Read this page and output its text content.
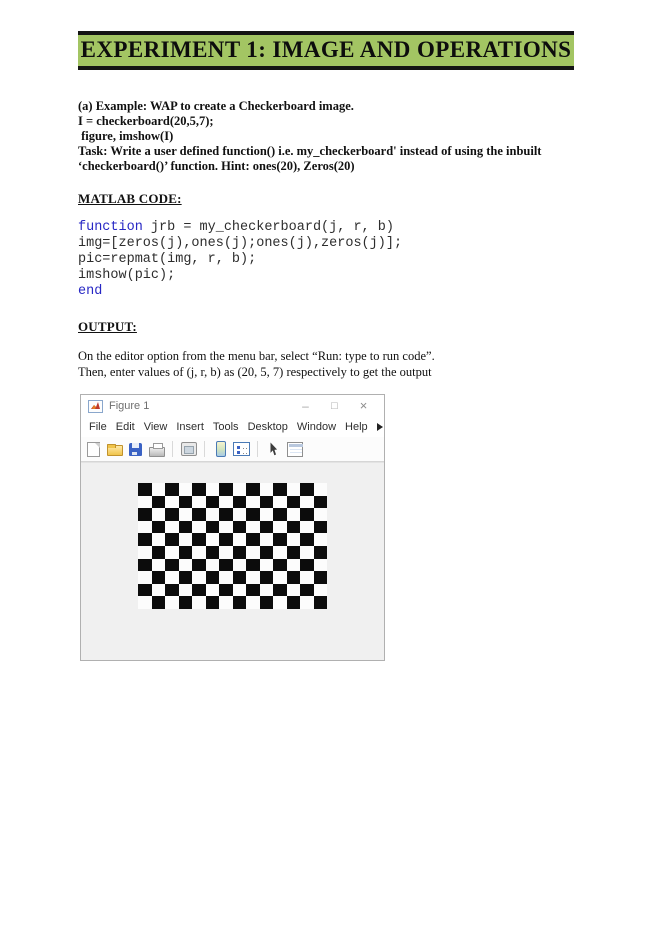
EXPERIMENT 1: IMAGE AND OPERATIONS
(a) Example: WAP to create a Checkerboard image.
I = checkerboard(20,5,7);
figure, imshow(I)
Task: Write a user defined function() i.e. my_checkerboard' instead of using the inbuilt
‘checkerboard()’ function. Hint: ones(20), Zeros(20)
MATLAB CODE:
function jrb = my_checkerboard(j, r, b)
img=[zeros(j),ones(j);ones(j),zeros(j)];
pic=repmat(img, r, b);
imshow(pic);
end
OUTPUT:
On the editor option from the menu bar, select “Run: type to run code”.
Then, enter values of (j, r, b) as (20, 5, 7) respectively to get the output
Figure 1	–	□	×
File Edit View Insert Tools Desktop Window Help
